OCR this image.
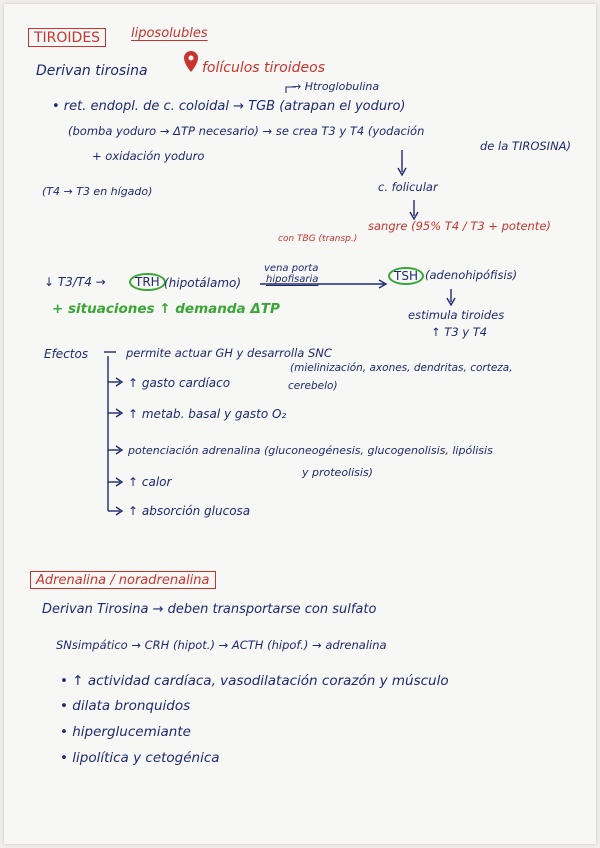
TIROIDES	liposolubles
Derivan tirosina	folículos tiroideos
→ Htroglobulina
• ret. endopl. de c. coloidal → TGB (atrapan el yoduro)
(bomba yoduro → ΔTP necesario) → se crea T3 y T4 (yodación
de la TIROSINA)
+ oxidación yoduro
(T4 → T3 en hígado)	c. folicular
con TBG (transp.)
sangre (95% T4 / T3 + potente)
↓ T3/T4 →	TRH (hipotálamo)
vena porta
hipofisaria	TSH (adenohipófisis)
+ situaciones ↑ demanda ΔTP	estimula tiroides
↑ T3 y T4
Efectos	permite actuar GH y desarrolla SNC
(mielinización, axones, dendritas, corteza,
cerebelo)
↑ gasto cardíaco
↑ metab. basal y gasto O₂
potenciación adrenalina (gluconeogénesis, glucogenolisis, lipólisis
y proteolisis)
↑ calor
↑ absorción glucosa
Adrenalina / noradrenalina
Derivan Tirosina → deben transportarse con sulfato
SNsimpático → CRH (hipot.) → ACTH (hipof.) → adrenalina
• ↑ actividad cardíaca, vasodilatación corazón y músculo
• dilata bronquidos
• hiperglucemiante
• lipolítica y cetogénica
